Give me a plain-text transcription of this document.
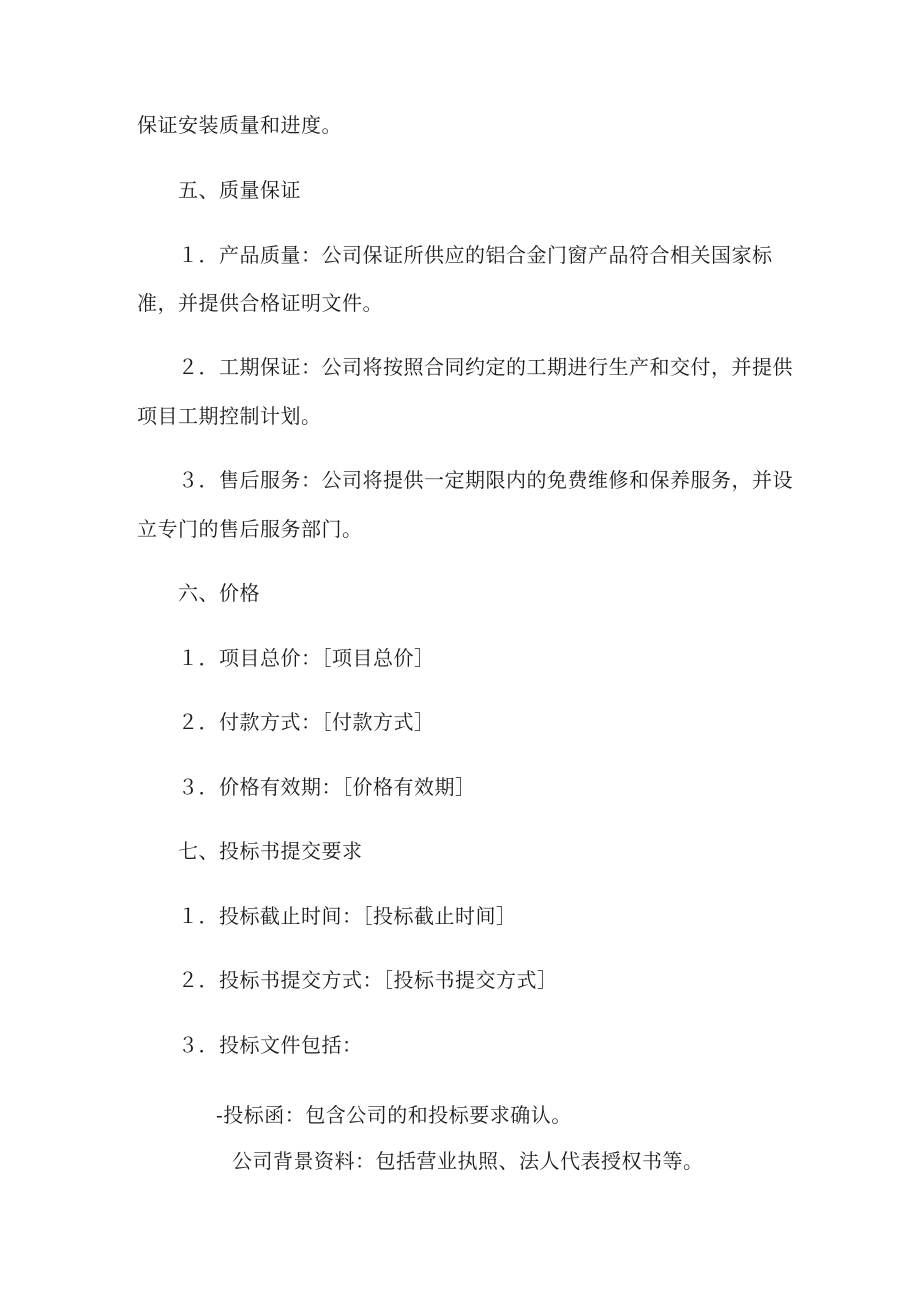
保证安装质量和进度。
五、质量保证
１．产品质量：公司保证所供应的铝合金门窗产品符合相关国家标
准，并提供合格证明文件。
２．工期保证：公司将按照合同约定的工期进行生产和交付，并提供
项目工期控制计划。
３．售后服务：公司将提供一定期限内的免费维修和保养服务，并设
立专门的售后服务部门。
六、价格
１．项目总价：［项目总价］
２．付款方式：［付款方式］
３．价格有效期：［价格有效期］
七、投标书提交要求
１．投标截止时间：［投标截止时间］
２．投标书提交方式：［投标书提交方式］
３．投标文件包括：
-投标函：包含公司的和投标要求确认。
公司背景资料：包括营业执照、法人代表授权书等。
